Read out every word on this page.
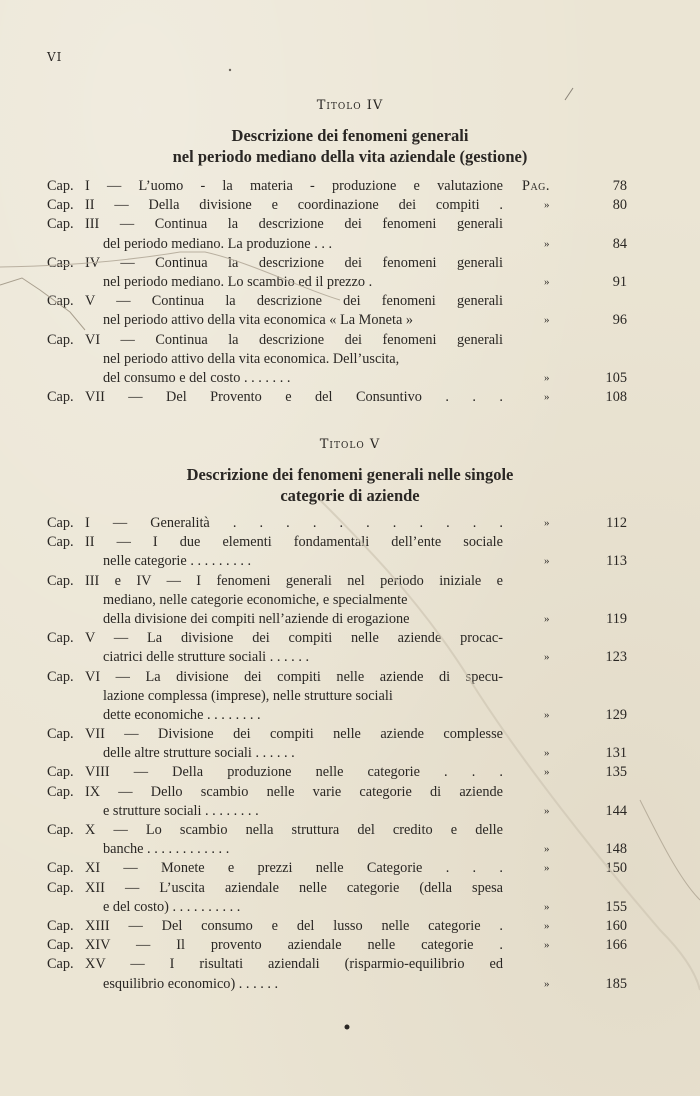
VI
Titolo IV
Descrizione dei fenomeni generali
nel periodo mediano della vita aziendale (gestione)
Cap. I — L’uomo - la materia - produzione e valutazione Pag.	78
Cap. II — Della divisione e coordinazione dei compiti .	»	80
Cap. III — Continua la descrizione dei fenomeni generali
del periodo mediano. La produzione . . .	»	84
Cap. IV — Continua la descrizione dei fenomeni generali
nel periodo mediano. Lo scambio ed il prezzo .	»	91
Cap. V — Continua la descrizione dei fenomeni generali
nel periodo attivo della vita economica « La Moneta »	»	96
Cap. VI — Continua la descrizione dei fenomeni generali
nel periodo attivo della vita economica. Dell’uscita,
del consumo e del costo . . . . . . .	»	105
Cap. VII — Del Provento e del Consuntivo . . .	»	108
Titolo V
Descrizione dei fenomeni generali nelle singole
categorie di aziende
Cap. I — Generalità . . . . . . . . . . .	»	112
Cap. II — I due elementi fondamentali dell’ente sociale
nelle categorie . . . . . . . . .	»	113
Cap. III e IV — I fenomeni generali nel periodo iniziale e
mediano, nelle categorie economiche, e specialmente
della divisione dei compiti nell’aziende di erogazione	»	119
Cap. V — La divisione dei compiti nelle aziende procac-
ciatrici delle strutture sociali . . . . . .	»	123
Cap. VI — La divisione dei compiti nelle aziende di specu-
lazione complessa (imprese), nelle strutture sociali
dette economiche . . . . . . . .	»	129
Cap. VII — Divisione dei compiti nelle aziende complesse
delle altre strutture sociali . . . . . .	»	131
Cap. VIII — Della produzione nelle categorie . . .	»	135
Cap. IX — Dello scambio nelle varie categorie di aziende
e strutture sociali . . . . . . . .	»	144
Cap. X — Lo scambio nella struttura del credito e delle
banche . . . . . . . . . . . .	»	148
Cap. XI — Monete e prezzi nelle Categorie . . .	»	150
Cap. XII — L’uscita aziendale nelle categorie (della spesa
e del costo) . . . . . . . . . .	»	155
Cap. XIII — Del consumo e del lusso nelle categorie .	»	160
Cap. XIV — Il provento aziendale nelle categorie .	»	166
Cap. XV — I risultati aziendali (risparmio-equilibrio ed
esquilibrio economico) . . . . . .	»	185
